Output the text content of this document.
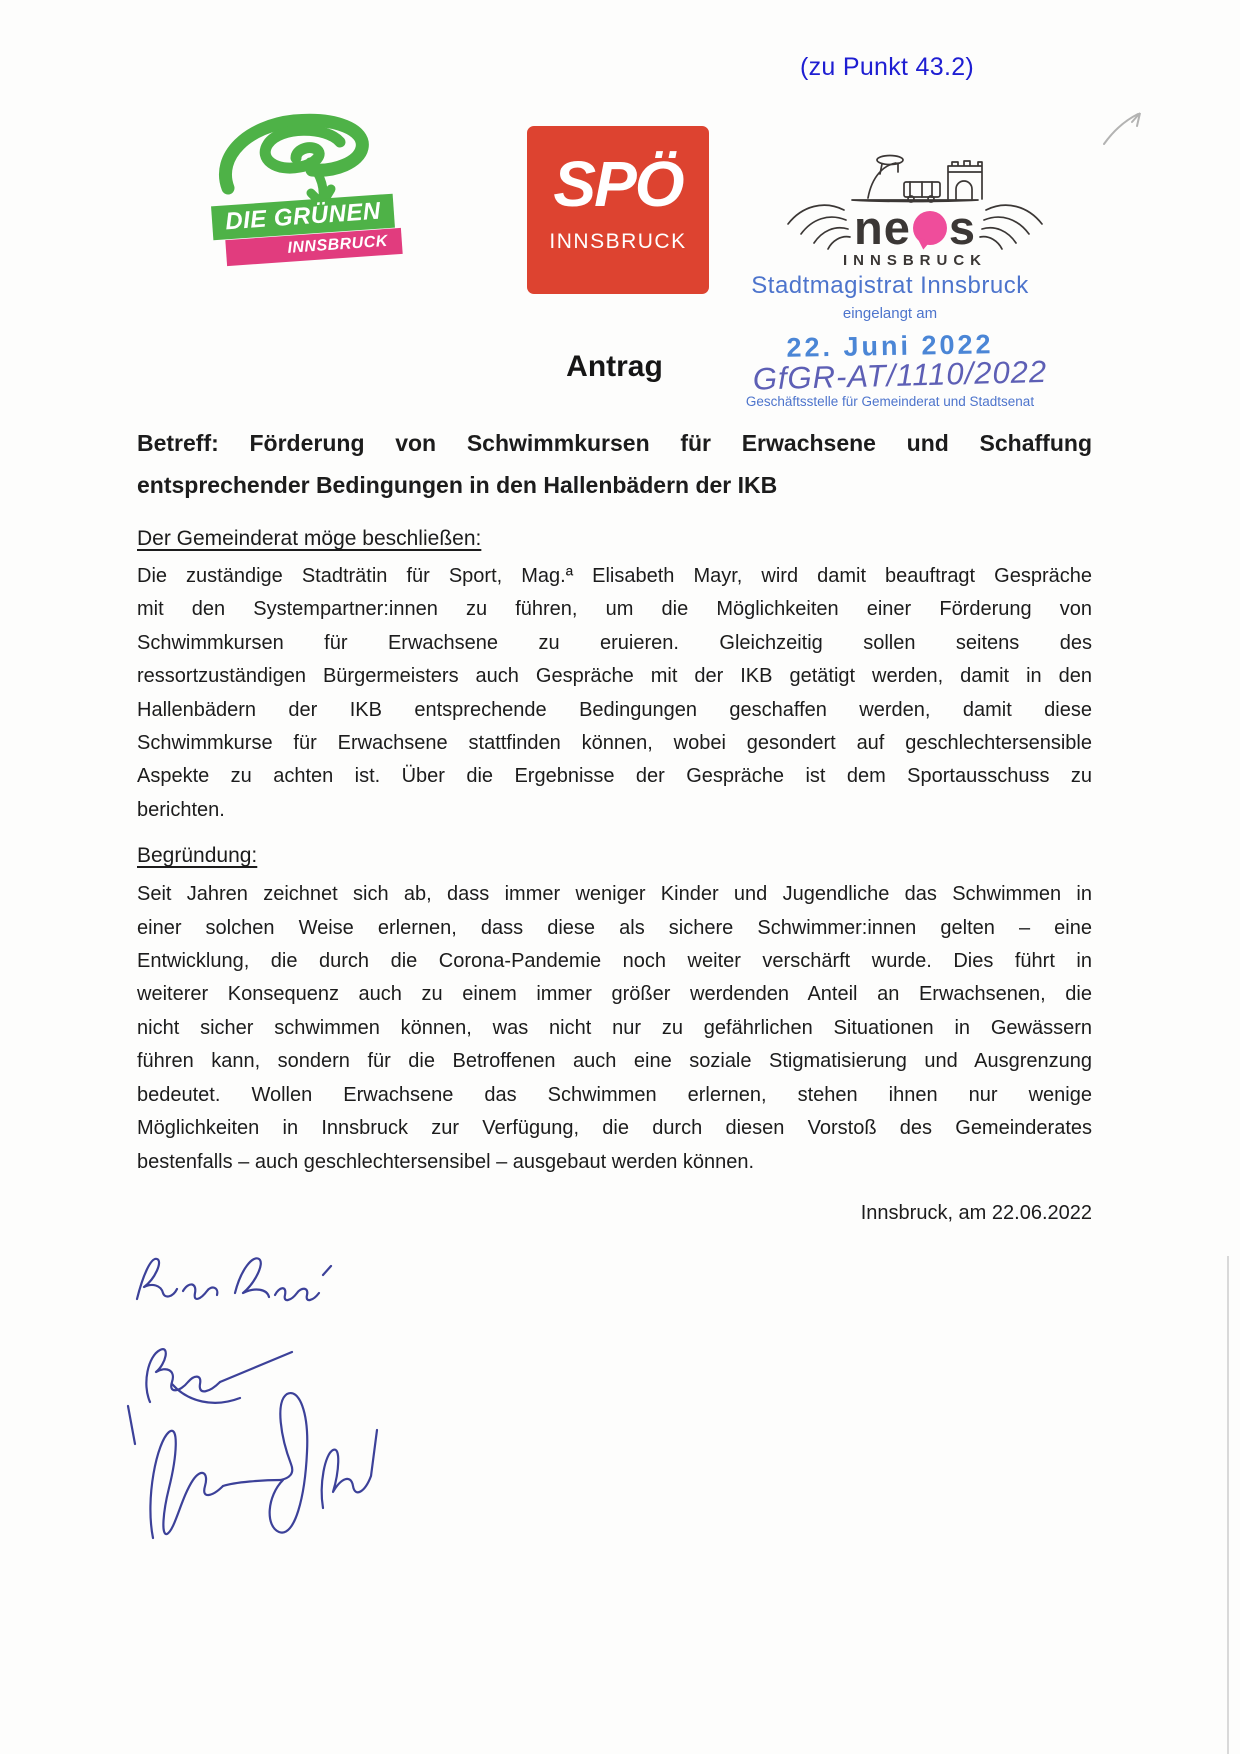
(zu Punkt 43.2)
DIE GRÜNEN
INNSBRUCK
SPÖ
INNSBRUCK	ne s
INNSBRUCK
Stadtmagistrat Innsbruck
eingelangt am
22. Juni 2022
GfGR-AT/1110/2022
Geschäftsstelle für Gemeinderat und Stadtsenat
Antrag
Betreff: Förderung von Schwimmkursen für Erwachsene und Schaffung
entsprechender Bedingungen in den Hallenbädern der IKB
Der Gemeinderat möge beschließen:
Die zuständige Stadträtin für Sport, Mag.ª Elisabeth Mayr, wird damit beauftragt Gespräche
mit den Systempartner:innen zu führen, um die Möglichkeiten einer Förderung von
Schwimmkursen für Erwachsene zu eruieren. Gleichzeitig sollen seitens des
ressortzuständigen Bürgermeisters auch Gespräche mit der IKB getätigt werden, damit in den
Hallenbädern der IKB entsprechende Bedingungen geschaffen werden, damit diese
Schwimmkurse für Erwachsene stattfinden können, wobei gesondert auf geschlechtersensible
Aspekte zu achten ist. Über die Ergebnisse der Gespräche ist dem Sportausschuss zu
berichten.
Begründung:
Seit Jahren zeichnet sich ab, dass immer weniger Kinder und Jugendliche das Schwimmen in
einer solchen Weise erlernen, dass diese als sichere Schwimmer:innen gelten – eine
Entwicklung, die durch die Corona-Pandemie noch weiter verschärft wurde. Dies führt in
weiterer Konsequenz auch zu einem immer größer werdenden Anteil an Erwachsenen, die
nicht sicher schwimmen können, was nicht nur zu gefährlichen Situationen in Gewässern
führen kann, sondern für die Betroffenen auch eine soziale Stigmatisierung und Ausgrenzung
bedeutet. Wollen Erwachsene das Schwimmen erlernen, stehen ihnen nur wenige
Möglichkeiten in Innsbruck zur Verfügung, die durch diesen Vorstoß des Gemeinderates
bestenfalls – auch geschlechtersensibel – ausgebaut werden können.
Innsbruck, am 22.06.2022
